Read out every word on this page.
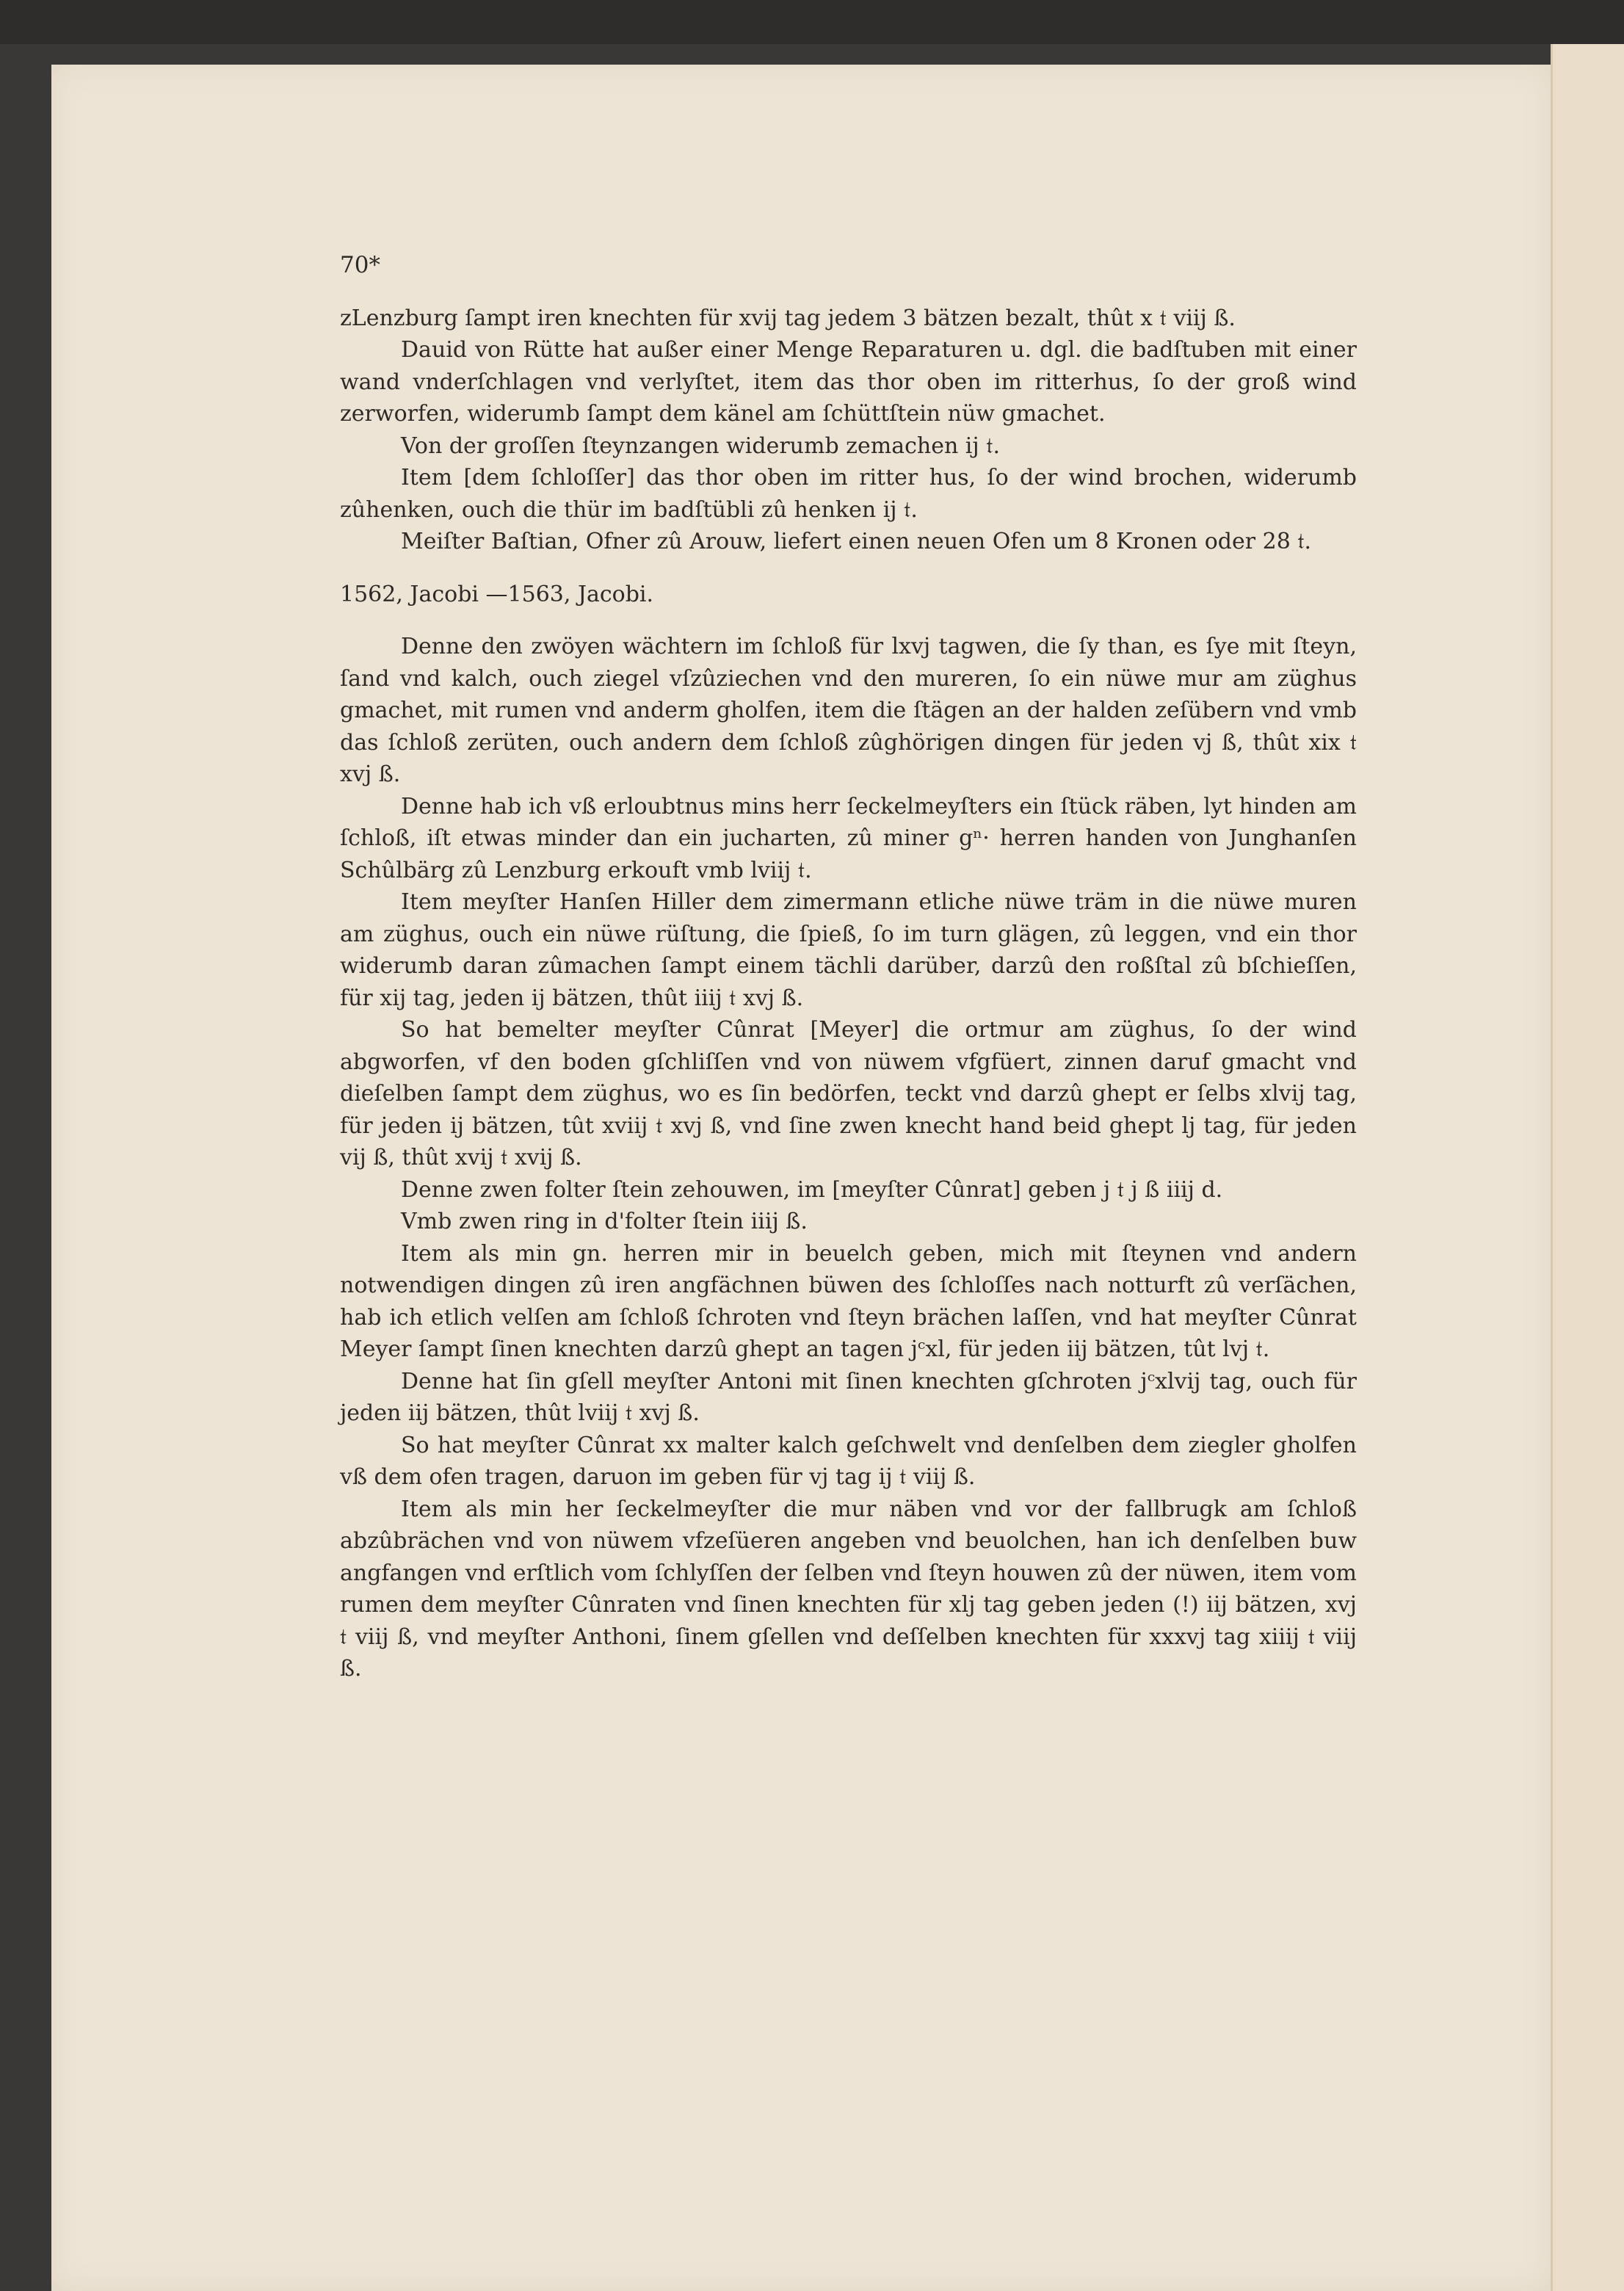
70*

zLenzburg ſampt iren knechten für xvij tag jedem 3 bätzen bezalt, thût x 𝔱 viij ß.

Dauid von Rütte hat außer einer Menge Reparaturen u. dgl. die badſtuben mit einer wand vnderſchlagen vnd verlyſtet, item das thor oben im ritterhus, ſo der groß wind zerworfen, widerumb ſampt dem känel am ſchüttſtein nüw gmachet.

Von der groſſen ſteynzangen widerumb zemachen ij 𝔱.

Item [dem ſchloſſer] das thor oben im ritter hus, ſo der wind brochen, widerumb zûhenken, ouch die thür im badſtübli zû henken ij 𝔱.

Meiſter Baſtian, Ofner zû Arouw, liefert einen neuen Ofen um 8 Kronen oder 28 𝔱.

1562, Jacobi —1563, Jacobi.

Denne den zwöyen wächtern im ſchloß für lxvj tagwen, die ſy than, es ſye mit ſteyn, ſand vnd kalch, ouch ziegel vſzûziechen vnd den mureren, ſo ein nüwe mur am züghus gmachet, mit rumen vnd anderm gholfen, item die ſtägen an der halden zeſübern vnd vmb das ſchloß zerüten, ouch andern dem ſchloß zûghörigen dingen für jeden vj ß, thût xix 𝔱 xvj ß.

Denne hab ich vß erloubtnus mins herr ſeckelmeyſters ein ſtück räben, lyt hinden am ſchloß, iſt etwas minder dan ein jucharten, zû miner gⁿ· herren handen von Junghanſen Schûlbärg zû Lenzburg erkouft vmb lviij 𝔱.

Item meyſter Hanſen Hiller dem zimermann etliche nüwe träm in die nüwe muren am züghus, ouch ein nüwe rüſtung, die ſpieß, ſo im turn glägen, zû leggen, vnd ein thor widerumb daran zûmachen ſampt einem tächli darüber, darzû den roßſtal zû bſchieſſen, für xij tag, jeden ij bätzen, thût iiij 𝔱 xvj ß.

So hat bemelter meyſter Cûnrat [Meyer] die ortmur am züghus, ſo der wind abgworfen, vf den boden gſchliſſen vnd von nüwem vfgfüert, zinnen daruf gmacht vnd dieſelben ſampt dem züghus, wo es ſin bedörfen, teckt vnd darzû ghept er ſelbs xlvij tag, für jeden ij bätzen, tût xviij 𝔱 xvj ß, vnd ſine zwen knecht hand beid ghept lj tag, für jeden vij ß, thût xvij 𝔱 xvij ß.

Denne zwen folter ſtein zehouwen, im [meyſter Cûnrat] geben j 𝔱 j ß iiij d.

Vmb zwen ring in d'folter ſtein iiij ß.

Item als min gn. herren mir in beuelch geben, mich mit ſteynen vnd andern notwendigen dingen zû iren angfächnen büwen des ſchloſſes nach notturft zû verſächen, hab ich etlich velſen am ſchloß ſchroten vnd ſteyn brächen laſſen, vnd hat meyſter Cûnrat Meyer ſampt ſinen knechten darzû ghept an tagen jᶜxl, für jeden iij bätzen, tût lvj 𝔱.

Denne hat ſin gſell meyſter Antoni mit ſinen knechten gſchroten jᶜxlvij tag, ouch für jeden iij bätzen, thût lviij 𝔱 xvj ß.

So hat meyſter Cûnrat xx malter kalch geſchwelt vnd denſelben dem ziegler gholfen vß dem ofen tragen, daruon im geben für vj tag ij 𝔱 viij ß.

Item als min her ſeckelmeyſter die mur näben vnd vor der fallbrugk am ſchloß abzûbrächen vnd von nüwem vfzeſüeren angeben vnd beuolchen, han ich denſelben buw angfangen vnd erſtlich vom ſchlyſſen der ſelben vnd ſteyn houwen zû der nüwen, item vom rumen dem meyſter Cûnraten vnd ſinen knechten für xlj tag geben jeden (!) iij bätzen, xvj 𝔱 viij ß, vnd meyſter Anthoni, ſinem gſellen vnd deſſelben knechten für xxxvj tag xiiij 𝔱 viij ß.
